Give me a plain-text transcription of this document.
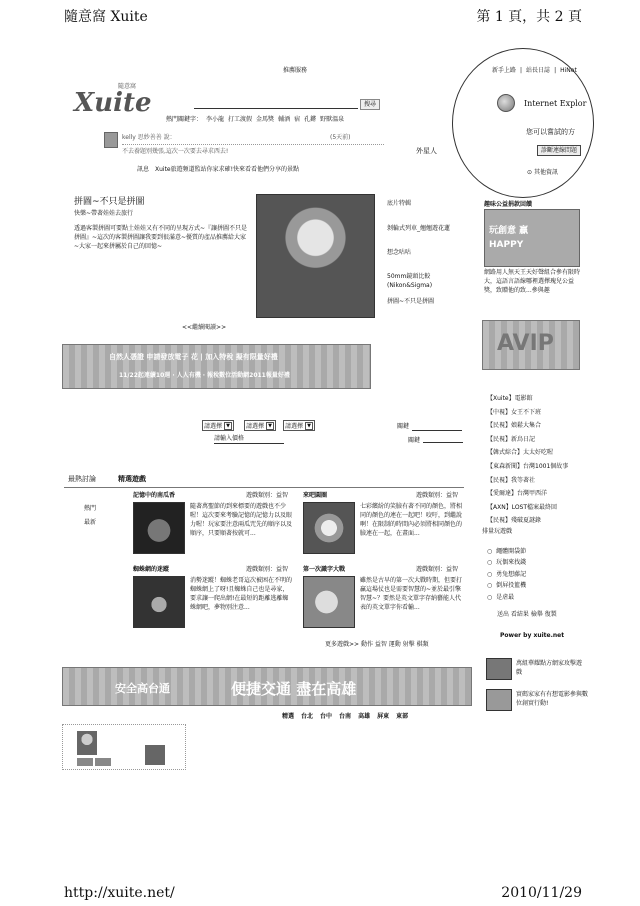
隨意窩 Xuite	第 1 頁，共 2 頁
推薦服務	新手上路 | 站長日誌 | HiNet
隨意窩
Xuite	搜尋
熱門關鍵字： 李小龍 打工渡假 金馬獎 輔酒 宿 孔鏘 野獸溫泉
kelly 思妙善善 說：	(5天前)
不去養題別幾張,這次一次要去尋求西去!	外星人
訊息 Xuite旅遊頻道監站你家求確!快來看看他們分享的景點
Internet Explor
您可以嘗試的方
診斷連線問題
⊙ 其他資訊
拼圖~不只是拼圖
快樂~帶著娃娃去旅行
透過客製拼圖可要點土娃娃又有不同的呈現方式~『讓拼圖不只是拼圖』~這次的客製拼圖讓我要到很滿意~優質的產品推薦給大家~大家一起來拼屬於自己的回憶~
<<繼續閱讀>>
底片特輯
剝輪式列車_翹翹遊花蓮
想念咕咕
50mm鏡頭比較(Nikon&Sigma)
拼圖~不只是拼圖
趣味公益捐款回饋
玩創意 贏HAPPY
網路用人無天王天好聲組合參有限時大，這語言語線哪裡選擇瑰兒公益獎，致贈他的致...參與趣
AVIP
自然人憑證 申請發放電子 花 | 加入特稅 擬有限量好禮
11/22起連續10週 · 人人有機 · 報稅數位活動網2011報量好禮
【Xuite】電影館
【中視】女王不下班
【民視】娘鬆大集合
【民視】新鳥日記
【韓式綜合】太太好吃喔
【東森新聞】台灣1001個故事
【民視】我等著社
【愛爾達】台灣甲西洋
【AXN】LOST檔案最終回
【民視】殘破夏謎錄
請選擇 ▼	請選擇 ▼	請選擇 ▼
請輸入價格
關鍵
關鍵
最熱討論	精選遊戲
熱門
最新
記憶中的南瓜香	遊戲類別：益智
隨著萬聖節的到來標要的遊戲也不少喔！這次要來考驗記憶的記憶力以及眼力喔！玩家要注意兩瓜咒先的順序以及順序，只要順著按就可...
來吧圓圈	遊戲類別：益智
七彩繽紛的笑臉有著不同的顏色，將相同的顏色的連在一起吧！咬吁，到繼說啊！在限制的時間內必須將相同顏色的臉連在一起，在畫面...
蜘蛛網的迷蹤	遊戲類別：益智
消勢迷蹤！蜘蛛老哥這次被困在不明的蜘蛛網上了呀!且蜘蛛自己也是尋家，要求讓一爬出網!在最短的距離逃離蜘蛛網吧，夢物別注意...
第一次識字大戰	遊戲類別：益智
雖然是古早的第一次大戰時期，但要打贏這場仗也是需要智慧的~並於最引擎智慧~？要然是英文單字存納藝能人代表的英文單字你看輸...
更多遊戲>> 動作 益智 運動 射擊 棋類
排量玩遊戲
○ 繩體開袋節
○ 玩偶來找錢
○ 勇兔想藤記
○ 倒屏投籃機
○ 是虐最
送出 看結果 檢舉 復製
Power by xuite.net
萬組華耀點方網家玫擊遊戲
實碼家家有有想電影參與數位創實行動!
安全高台通	便捷交通 盡在高雄
精選 台北 台中 台南 高雄 屏東 東部
http://xuite.net/	2010/11/29
